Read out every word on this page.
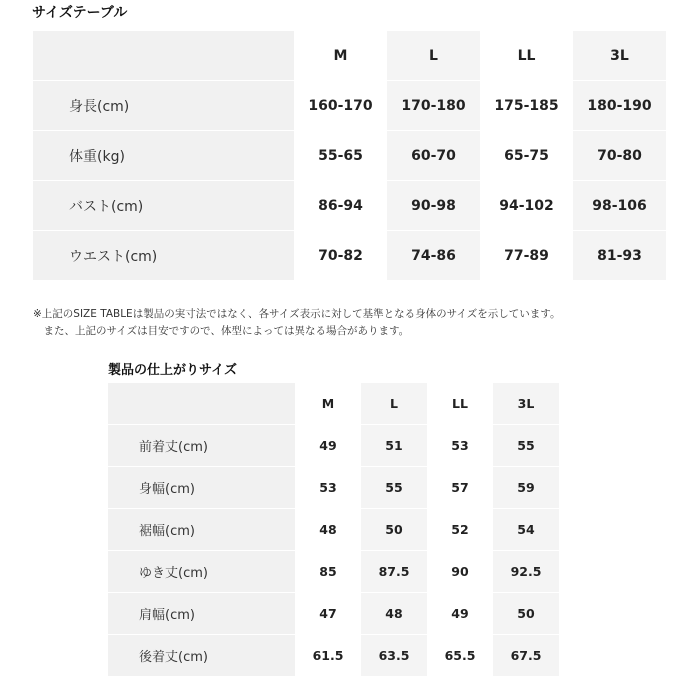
サイズテーブル
	M	L	LL	3L
身長(cm)	160-170	170-180	175-185	180-190
体重(kg)	55-65	60-70	65-75	70-80
バスト(cm)	86-94	90-98	94-102	98-106
ウエスト(cm)	70-82	74-86	77-89	81-93
※上記のSIZE TABLEは製品の実寸法ではなく、各サイズ表示に対して基準となる身体のサイズを示しています。
　また、上記のサイズは目安ですので、体型によっては異なる場合があります。
製品の仕上がりサイズ
	M	L	LL	3L
前着丈(cm)	49	51	53	55
身幅(cm)	53	55	57	59
裾幅(cm)	48	50	52	54
ゆき丈(cm)	85	87.5	90	92.5
肩幅(cm)	47	48	49	50
後着丈(cm)	61.5	63.5	65.5	67.5
